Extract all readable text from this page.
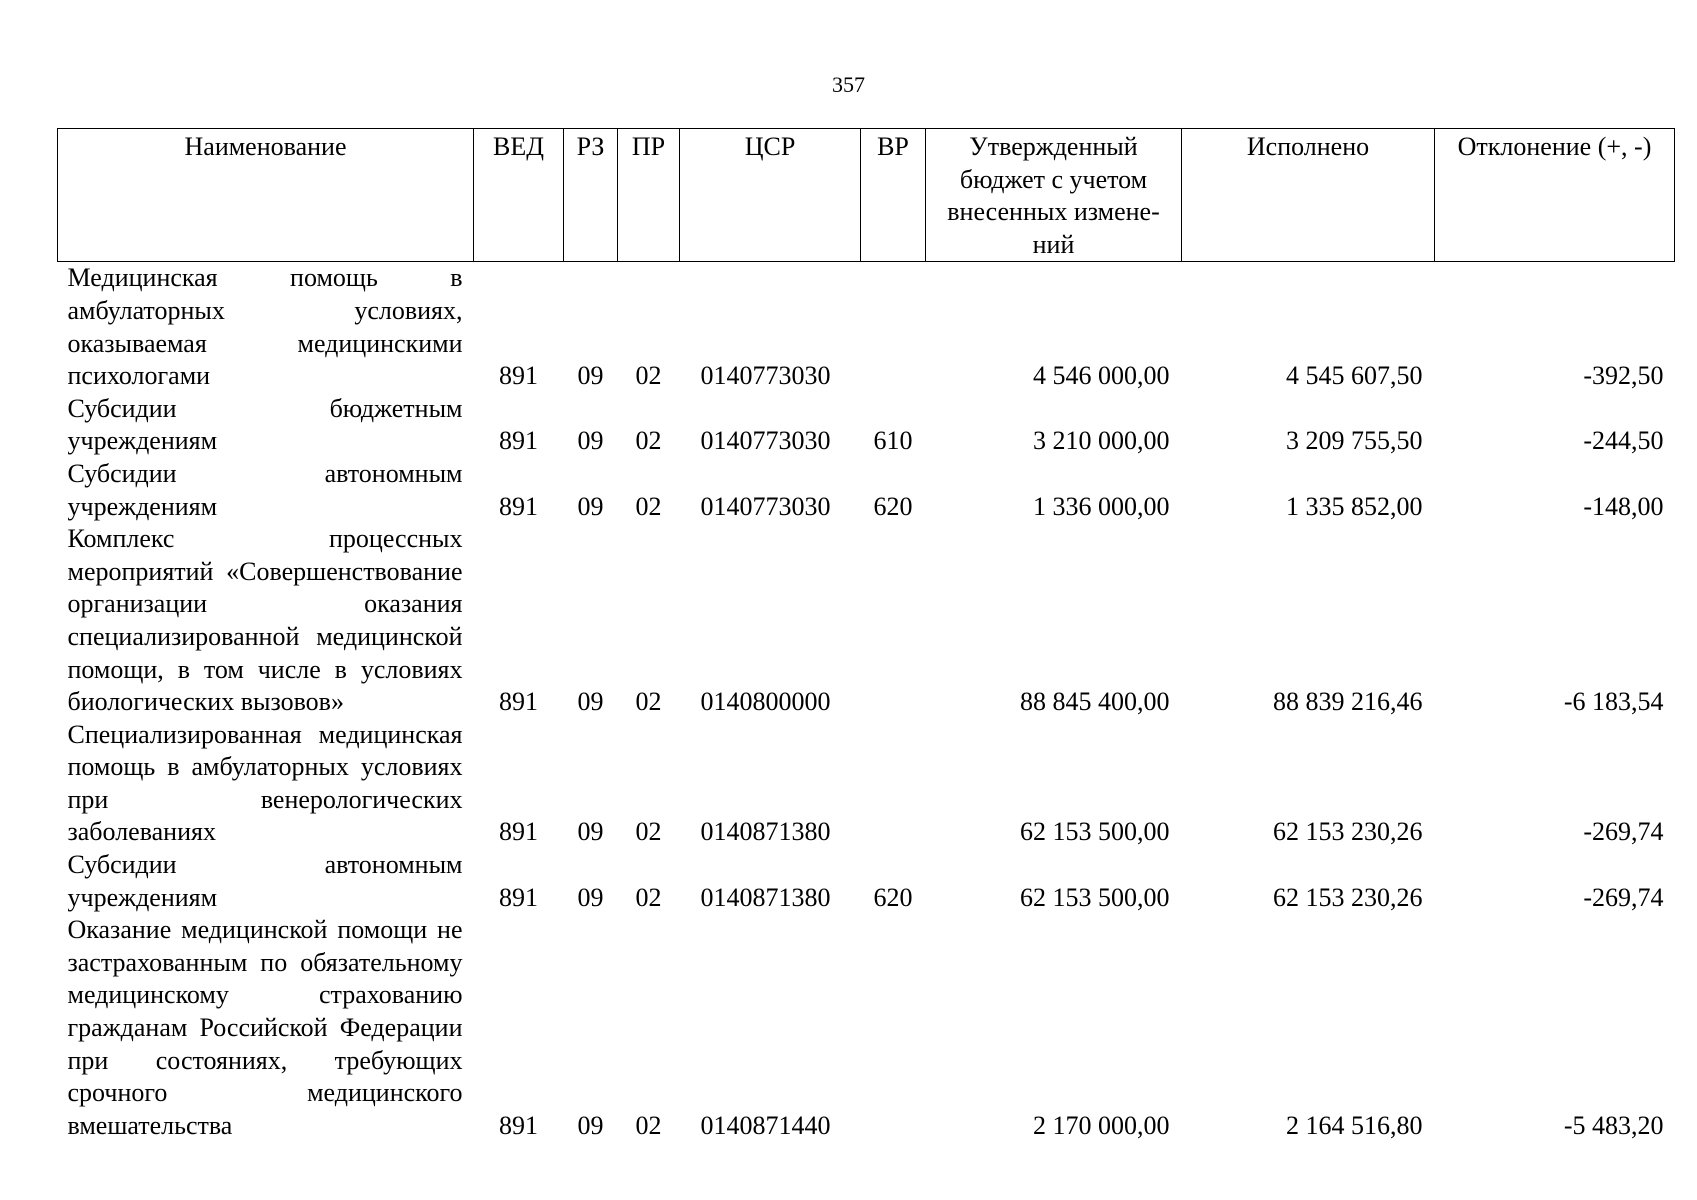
357
Наименование	ВЕД	РЗ	ПР	ЦСР	ВР	Утвержденный бюджет с учетом внесенных измене-ний	Исполнено	Отклонение (+, -)
Медицинская помощь в амбулаторных условиях, оказываемая медицинскими психологами	891	09	02	0140773030		4 546 000,00	4 545 607,50	-392,50
Субсидии бюджетным учреждениям	891	09	02	0140773030	610	3 210 000,00	3 209 755,50	-244,50
Субсидии автономным учреждениям	891	09	02	0140773030	620	1 336 000,00	1 335 852,00	-148,00
Комплекс процессных мероприятий «Совершенствование организации оказания специализированной медицинской помощи, в том числе в условиях биологических вызовов»	891	09	02	0140800000		88 845 400,00	88 839 216,46	-6 183,54
Специализированная медицинская помощь в амбулаторных условиях при венерологических заболеваниях	891	09	02	0140871380		62 153 500,00	62 153 230,26	-269,74
Субсидии автономным учреждениям	891	09	02	0140871380	620	62 153 500,00	62 153 230,26	-269,74
Оказание медицинской помощи не застрахованным по обязательному медицинскому страхованию гражданам Российской Федерации при состояниях, требующих срочного медицинского вмешательства	891	09	02	0140871440		2 170 000,00	2 164 516,80	-5 483,20
